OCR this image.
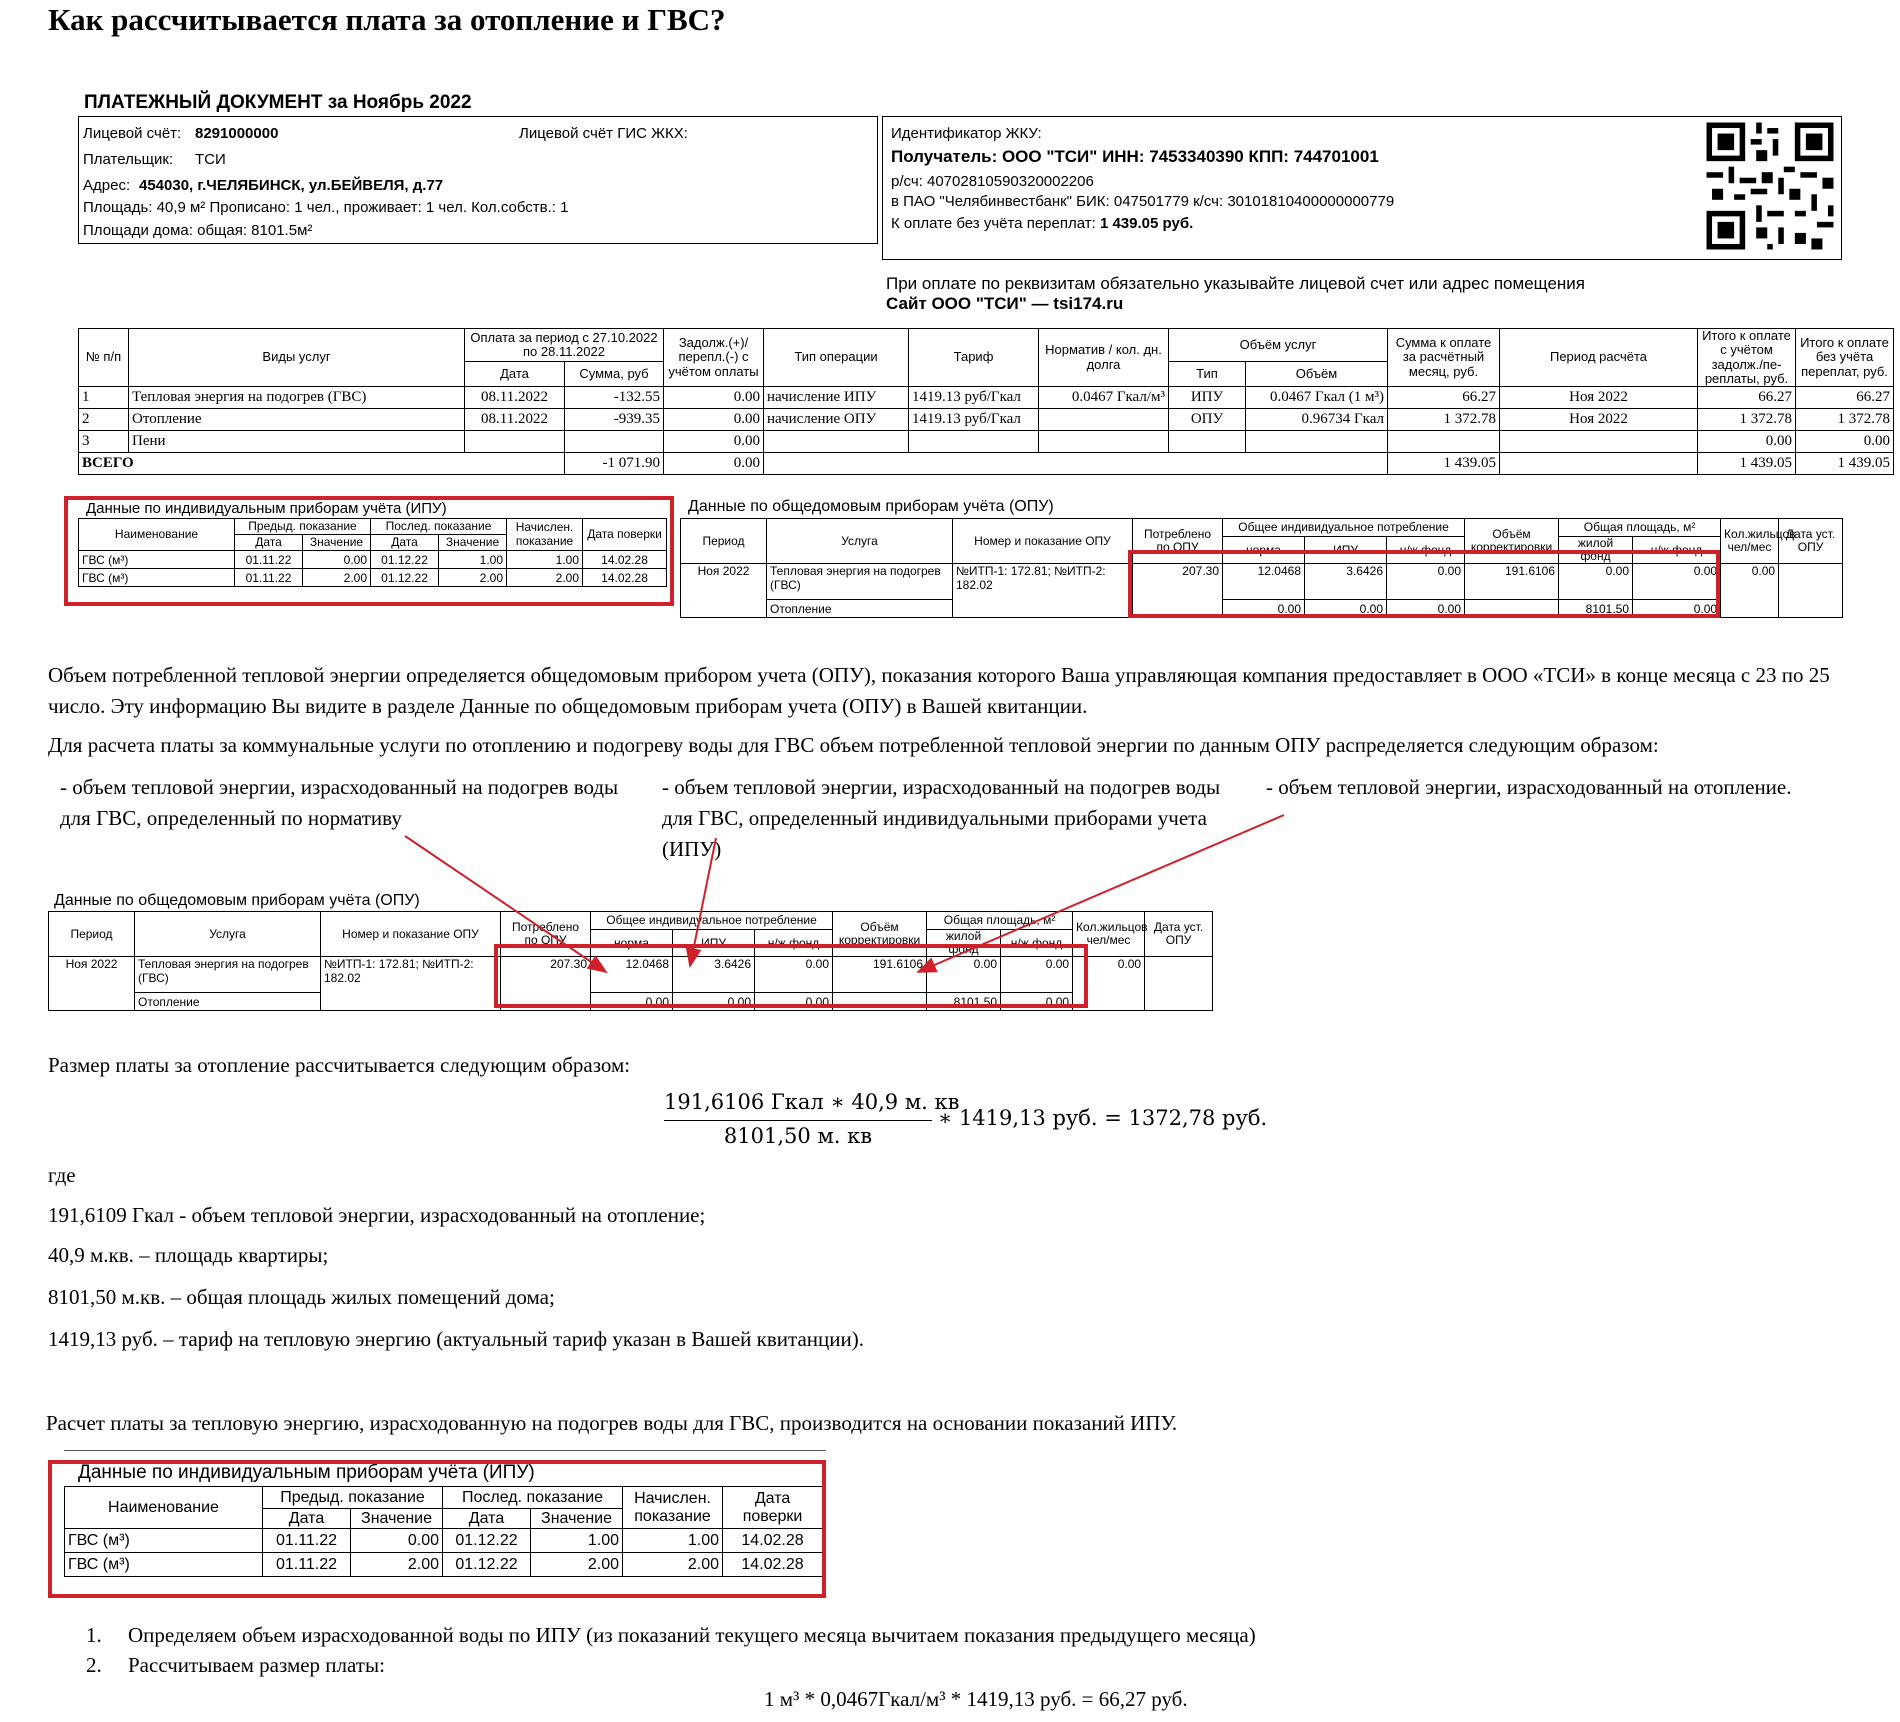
Как рассчитывается плата за отопление и ГВС?
ПЛАТЕЖНЫЙ ДОКУМЕНТ за Ноябрь 2022
Лицевой счёт: 8291000000	Лицевой счёт ГИС ЖКХ:
Плательщик: ТСИ
Адрес: 454030, г.ЧЕЛЯБИНСК, ул.БЕЙВЕЛЯ, д.77
Площадь: 40,9 м² Прописано: 1 чел., проживает: 1 чел. Кол.собств.: 1
Площади дома: общая: 8101.5м²
Идентификатор ЖКУ:
Получатель: ООО "ТСИ" ИНН: 7453340390 КПП: 744701001
р/сч: 40702810590320002206
в ПАО "Челябинвестбанк" БИК: 047501779 к/сч: 30101810400000000779
К оплате без учёта переплат: 1 439.05 руб.
При оплате по реквизитам обязательно указывайте лицевой счет или адрес помещения
Сайт ООО "ТСИ" — tsi174.ru
№ п/п	Виды услуг	Оплата за период с 27.10.2022 по 28.11.2022		Задолж.(+)/ перепл.(-) с учётом оплаты	Тип операции	Тариф	Норматив / кол. дн. долга	Объём услуг		Сумма к оплате за расчётный месяц, руб.	Период расчёта	Итого к оплате с учётом задолж./пе- реплаты, руб.	Итого к оплате без учёта переплат, руб.
		Дата	Сумма, руб					Тип	Объём				
1	Тепловая энергия на подогрев (ГВС)	08.11.2022	-132.55	0.00	начисление ИПУ	1419.13 руб/Гкал	0.0467 Гкал/м³	ИПУ	0.0467 Гкал (1 м³)	66.27	Ноя 2022	66.27	66.27
2	Отопление	08.11.2022	-939.35	0.00	начисление ОПУ	1419.13 руб/Гкал		ОПУ	0.96734 Гкал	1 372.78	Ноя 2022	1 372.78	1 372.78
3	Пени			0.00								0.00	0.00
ВСЕГО			-1 071.90	0.00						1 439.05		1 439.05	1 439.05
Данные по индивидуальным приборам учёта (ИПУ)
Наименование	Предыд. показание		Послед. показание		Начислен. показание	Дата поверки
	Дата	Значение	Дата	Значение		
ГВС (м³)	01.11.22	0.00	01.12.22	1.00	1.00	14.02.28
ГВС (м³)	01.11.22	2.00	01.12.22	2.00	2.00	14.02.28
Данные по общедомовым приборам учёта (ОПУ)
Период	Услуга	Номер и показание ОПУ	Потреблено по ОПУ	Общее индивидуальное потребление			Объём корректировки	Общая площадь, м²		Кол.жильцов чел/мес	Дата уст. ОПУ
				норма	ИПУ	н/ж фонд		жилой фонд	н/ж фонд		
Ноя 2022	Тепловая энергия на подогрев (ГВС)	№ИТП-1: 172.81; №ИТП-2: 182.02	207.30	12.0468	3.6426	0.00	191.6106	0.00	0.00	0.00	
	Отопление			0.00	0.00	0.00		8101.50	0.00		

Объем потребленной тепловой энергии определяется общедомовым прибором учета (ОПУ), показания которого Ваша управляющая компания предоставляет в ООО «ТСИ» в конце месяца с 23 по 25 число. Эту информацию Вы видите в разделе Данные по общедомовым приборам учета (ОПУ) в Вашей квитанции.

Для расчета платы за коммунальные услуги по отоплению и подогреву воды для ГВС объем потребленной тепловой энергии по данным ОПУ распределяется следующим образом:

- объем тепловой энергии, израсходованный на подогрев воды для ГВС, определенный по нормативу
- объем тепловой энергии, израсходованный на подогрев воды для ГВС, определенный индивидуальными приборами учета (ИПУ)
- объем тепловой энергии, израсходованный на отопление.
Данные по общедомовым приборам учёта (ОПУ)
Период	Услуга	Номер и показание ОПУ	Потреблено по ОПУ	Общее индивидуальное потребление			Объём корректировки	Общая площадь, м²		Кол.жильцов чел/мес	Дата уст. ОПУ
				норма	ИПУ	н/ж фонд		жилой фонд	н/ж фонд		
Ноя 2022	Тепловая энергия на подогрев (ГВС)	№ИТП-1: 172.81; №ИТП-2: 182.02	207.30	12.0468	3.6426	0.00	191.6106	0.00	0.00	0.00	
	Отопление			0.00	0.00	0.00		8101.50	0.00		

Размер платы за отопление рассчитывается следующим образом:

191,6106 Гкал ∗ 40,9 м. кв
8101,50 м. кв
∗ 1419,13 руб. = 1372,78 руб.

где

191,6109 Гкал - объем тепловой энергии, израсходованный на отопление;

40,9 м.кв. – площадь квартиры;

8101,50 м.кв. – общая площадь жилых помещений дома;

1419,13 руб. – тариф на тепловую энергию (актуальный тариф указан в Вашей квитанции).

Расчет платы за тепловую энергию, израсходованную на подогрев воды для ГВС, производится на основании показаний ИПУ.

Данные по индивидуальным приборам учёта (ИПУ)
Наименование	Предыд. показание		Послед. показание		Начислен. показание	Дата поверки
	Дата	Значение	Дата	Значение		
ГВС (м³)	01.11.22	0.00	01.12.22	1.00	1.00	14.02.28
ГВС (м³)	01.11.22	2.00	01.12.22	2.00	2.00	14.02.28
1. Определяем объем израсходованной воды по ИПУ (из показаний текущего месяца вычитаем показания предыдущего месяца)
2. Рассчитываем размер платы:
1 м³ * 0,0467Гкал/м³ * 1419,13 руб. = 66,27 руб.
